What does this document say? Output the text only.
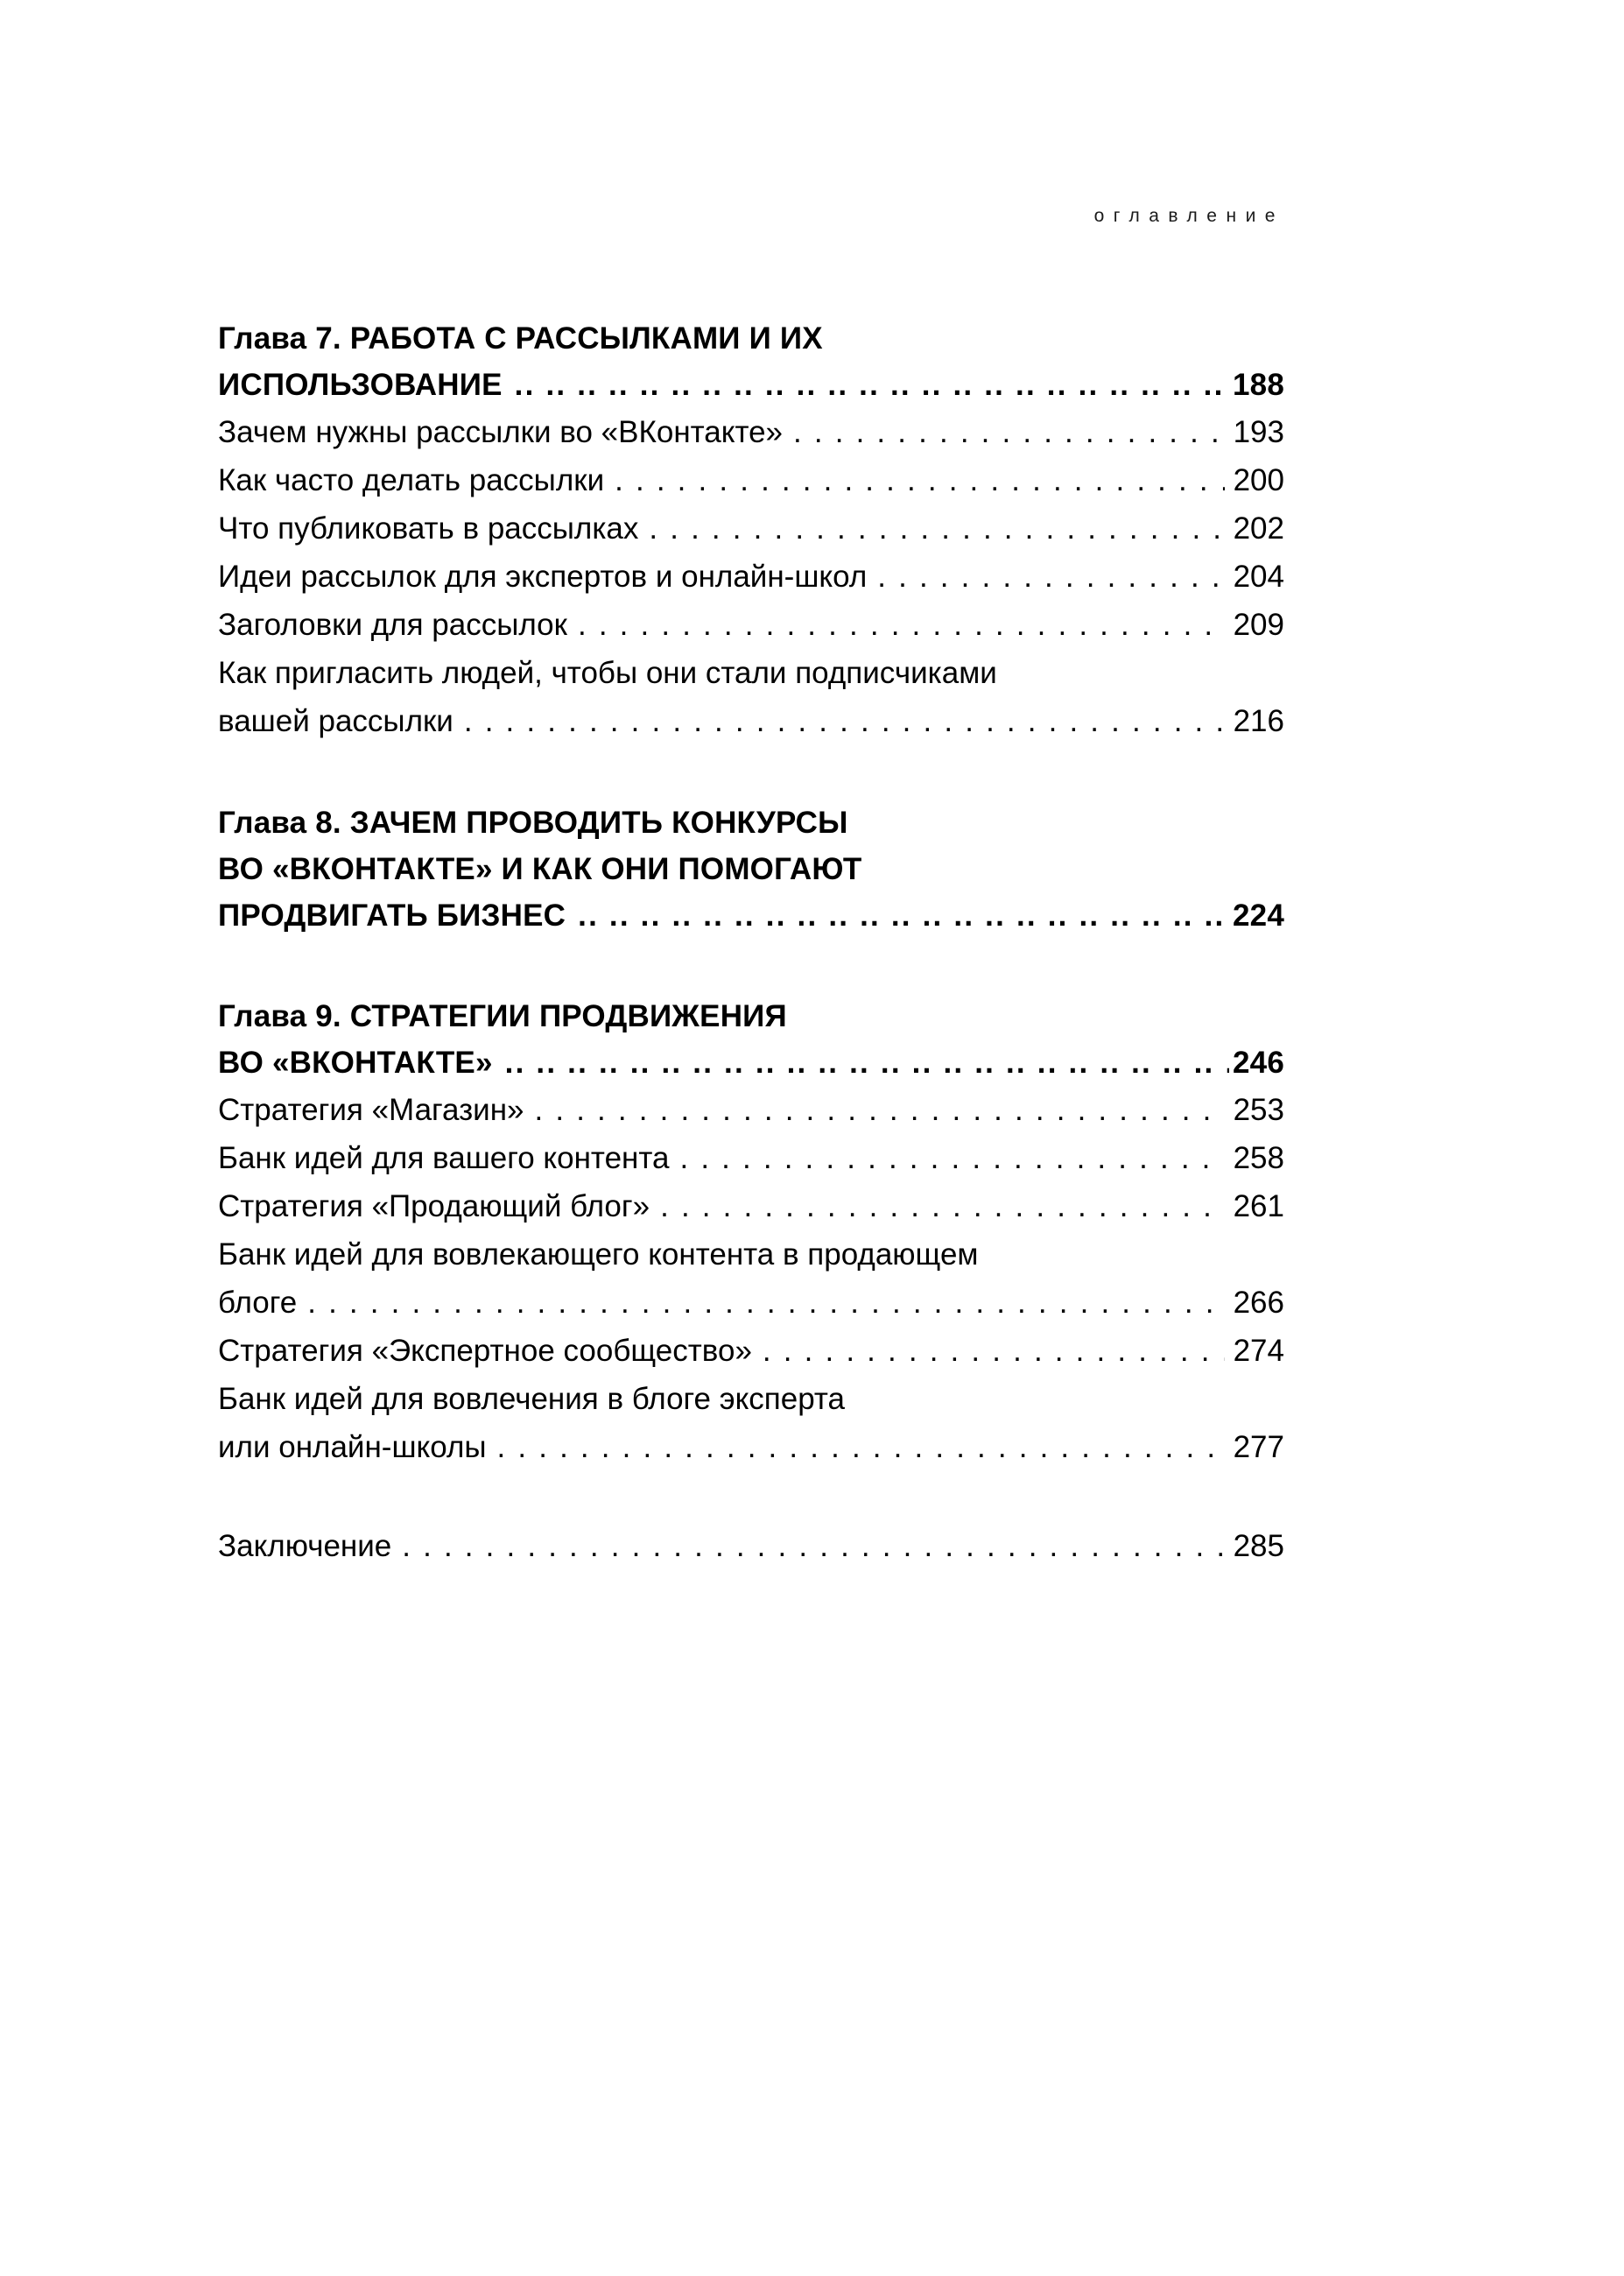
оглавление
Глава 7. РАБОТА С РАССЫЛКАМИ И ИХ
ИСПОЛЬЗОВАНИЕ .. ..	188
Зачем нужны рассылки во «ВКонтакте» . . .	193
Как часто делать рассылки . . .	200
Что публиковать в рассылках . . .	202
Идеи рассылок для экспертов и онлайн-школ . . .	204
Заголовки для рассылок . . .	209
Как пригласить людей, чтобы они стали подписчиками
вашей рассылки . . .	216
Глава 8. ЗАЧЕМ ПРОВОДИТЬ КОНКУРСЫ
ВО «ВКОНТАКТЕ» И КАК ОНИ ПОМОГАЮТ
ПРОДВИГАТЬ БИЗНЕС .. ..	224
Глава 9. СТРАТЕГИИ ПРОДВИЖЕНИЯ
ВО «ВКОНТАКТЕ» .. ..	246
Стратегия «Магазин» . . .	253
Банк идей для вашего контента . . .	258
Стратегия «Продающий блог» . . .	261
Банк идей для вовлекающего контента в продающем
блоге . . .	266
Стратегия «Экспертное сообщество» . . .	274
Банк идей для вовлечения в блоге эксперта
или онлайн-школы . . .	277
Заключение . . .	285
